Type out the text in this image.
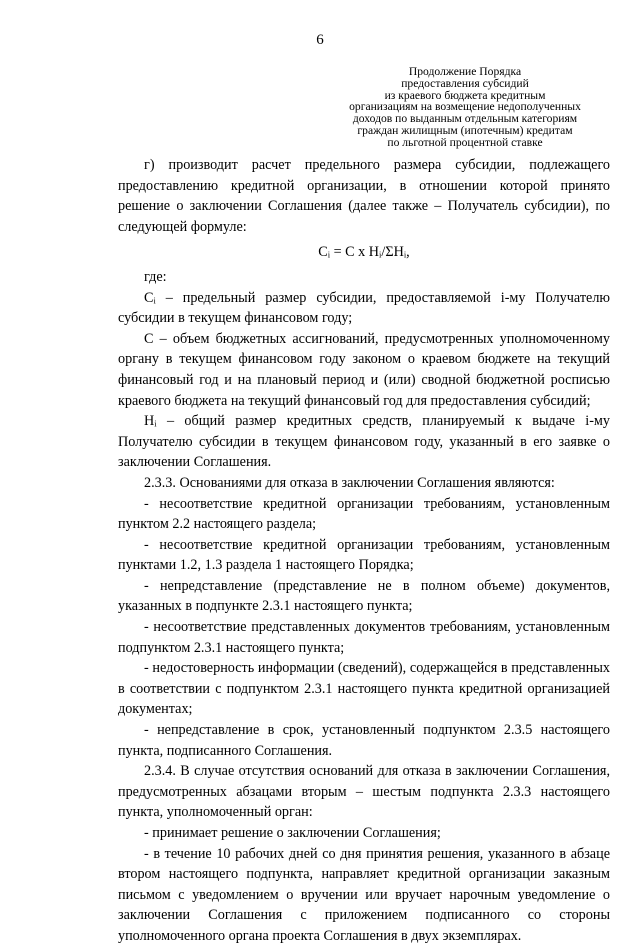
6
Продолжение Порядка
предоставления субсидий
из краевого бюджета кредитным
организациям на возмещение недополученных
доходов по выданным отдельным категориям
граждан жилищным (ипотечным) кредитам
по льготной процентной ставке

г) производит расчет предельного размера субсидии, подлежащего предоставлению кредитной организации, в отношении которой принято решение о заключении Соглашения (далее также – Получатель субсидии), по следующей формуле:

Cᵢ = C x Hᵢ/ΣHᵢ,

где:

Cᵢ – предельный размер субсидии, предоставляемой i-му Получателю субсидии в текущем финансовом году;

C – объем бюджетных ассигнований, предусмотренных уполномоченному органу в текущем финансовом году законом о краевом бюджете на текущий финансовый год и на плановый период и (или) сводной бюджетной росписью краевого бюджета на текущий финансовый год для предоставления субсидий;

Hᵢ – общий размер кредитных средств, планируемый к выдаче i-му Получателю субсидии в текущем финансовом году, указанный в его заявке о заключении Соглашения.

2.3.3. Основаниями для отказа в заключении Соглашения являются:

- несоответствие кредитной организации требованиям, установленным пунктом 2.2 настоящего раздела;

- несоответствие кредитной организации требованиям, установленным пунктами 1.2, 1.3 раздела 1 настоящего Порядка;

- непредставление (представление не в полном объеме) документов, указанных в подпункте 2.3.1 настоящего пункта;

- несоответствие представленных документов требованиям, установленным подпунктом 2.3.1 настоящего пункта;

- недостоверность информации (сведений), содержащейся в представленных в соответствии с подпунктом 2.3.1 настоящего пункта кредитной организацией документах;

- непредставление в срок, установленный подпунктом 2.3.5 настоящего пункта, подписанного Соглашения.

2.3.4. В случае отсутствия оснований для отказа в заключении Соглашения, предусмотренных абзацами вторым – шестым подпункта 2.3.3 настоящего пункта, уполномоченный орган:

- принимает решение о заключении Соглашения;

- в течение 10 рабочих дней со дня принятия решения, указанного в абзаце втором настоящего подпункта, направляет кредитной организации заказным письмом с уведомлением о вручении или вручает нарочным уведомление о заключении Соглашения с приложением подписанного со стороны уполномоченного органа проекта Соглашения в двух экземплярах.
